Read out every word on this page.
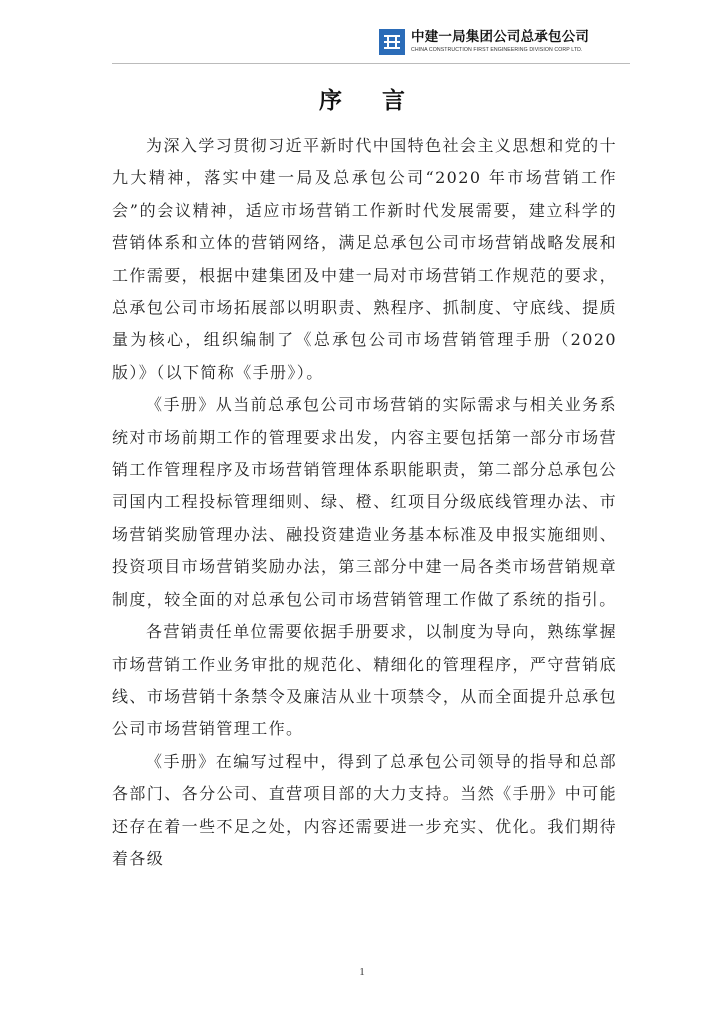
中建一局集团公司总承包公司
CHINA CONSTRUCTION FIRST ENGINEERING DIVISION CORP LTD.
序言

为深入学习贯彻习近平新时代中国特色社会主义思想和党的十九大精神，落实中建一局及总承包公司“2020 年市场营销工作会”的会议精神，适应市场营销工作新时代发展需要，建立科学的营销体系和立体的营销网络，满足总承包公司市场营销战略发展和工作需要，根据中建集团及中建一局对市场营销工作规范的要求，总承包公司市场拓展部以明职责、熟程序、抓制度、守底线、提质量为核心，组织编制了《总承包公司市场营销管理手册（2020 版）》（以下简称《手册》）。

《手册》从当前总承包公司市场营销的实际需求与相关业务系统对市场前期工作的管理要求出发，内容主要包括第一部分市场营销工作管理程序及市场营销管理体系职能职责，第二部分总承包公司国内工程投标管理细则、绿、橙、红项目分级底线管理办法、市场营销奖励管理办法、融投资建造业务基本标准及申报实施细则、投资项目市场营销奖励办法，第三部分中建一局各类市场营销规章制度，较全面的对总承包公司市场营销管理工作做了系统的指引。

各营销责任单位需要依据手册要求，以制度为导向，熟练掌握市场营销工作业务审批的规范化、精细化的管理程序，严守营销底线、市场营销十条禁令及廉洁从业十项禁令，从而全面提升总承包公司市场营销管理工作。

《手册》在编写过程中，得到了总承包公司领导的指导和总部各部门、各分公司、直营项目部的大力支持。当然《手册》中可能还存在着一些不足之处，内容还需要进一步充实、优化。我们期待着各级

1
